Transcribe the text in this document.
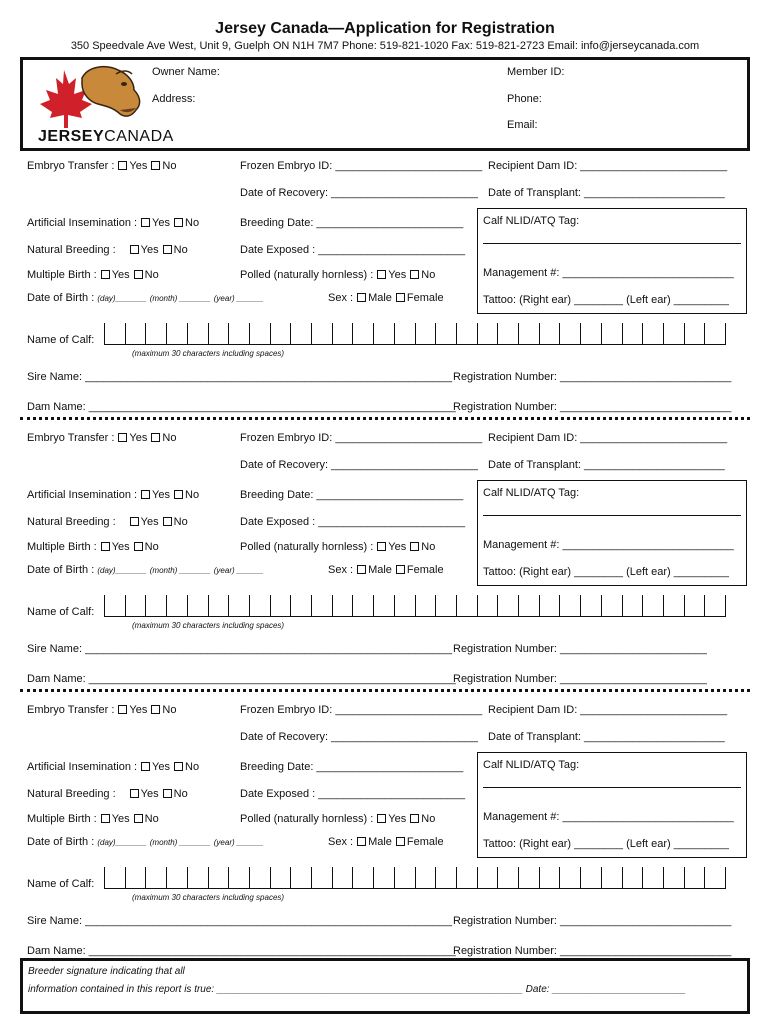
Jersey Canada—Application for Registration
350 Speedvale Ave West, Unit 9, Guelph ON N1H 7M7 Phone: 519-821-1020 Fax: 519-821-2723 Email: info@jerseycanada.com
JERSEYCANADA
Owner Name:
Address:
Member ID:
Phone:
Email:
Embryo Transfer : Yes No	Frozen Embryo ID: ________________________ Recipient Dam ID: ________________________
Date of Recovery: ________________________ Date of Transplant: _______________________
Artificial Insemination : Yes No	Breeding Date: ________________________ Calf NLID/ATQ Tag:
Natural Breeding : Yes No	Date Exposed : ________________________
Multiple Birth : Yes No	Polled (naturally hornless) : Yes No	Management #: ____________________________
Date of Birth : (day)_______ (month) _______ (year) ______	Sex : Male Female	Tattoo: (Right ear) ________ (Left ear) _________
Name of Calf:
(maximum 30 characters including spaces)
Sire Name: ____________________________________________________________ Registration Number: ____________________________
Dam Name: ____________________________________________________________
Registration Number: ____________________________
Embryo Transfer : Yes No	Frozen Embryo ID: ________________________ Recipient Dam ID: ________________________
Date of Recovery: ________________________ Date of Transplant: _______________________
Artificial Insemination : Yes No	Breeding Date: ________________________ Calf NLID/ATQ Tag:
Natural Breeding : Yes No	Date Exposed : ________________________
Multiple Birth : Yes No	Polled (naturally hornless) : Yes No	Management #: ____________________________
Date of Birth : (day)_______ (month) _______ (year) ______	Sex : Male Female	Tattoo: (Right ear) ________ (Left ear) _________
Name of Calf:
(maximum 30 characters including spaces)
Sire Name: ____________________________________________________________ Registration Number: ________________________
Dam Name: ____________________________________________________________
Registration Number: ________________________
Embryo Transfer : Yes No	Frozen Embryo ID: ________________________ Recipient Dam ID: ________________________
Date of Recovery: ________________________ Date of Transplant: _______________________
Artificial Insemination : Yes No	Breeding Date: ________________________ Calf NLID/ATQ Tag:
Natural Breeding : Yes No	Date Exposed : ________________________
Multiple Birth : Yes No	Polled (naturally hornless) : Yes No	Management #: ____________________________
Date of Birth : (day)_______ (month) _______ (year) ______	Sex : Male Female	Tattoo: (Right ear) ________ (Left ear) _________
Name of Calf:
(maximum 30 characters including spaces)
Sire Name: ____________________________________________________________ Registration Number: ____________________________
Dam Name: ____________________________________________________________
Registration Number: ____________________________
Breeder signature indicating that all
information contained in this report is true: _______________________________________________________ Date: ________________________
